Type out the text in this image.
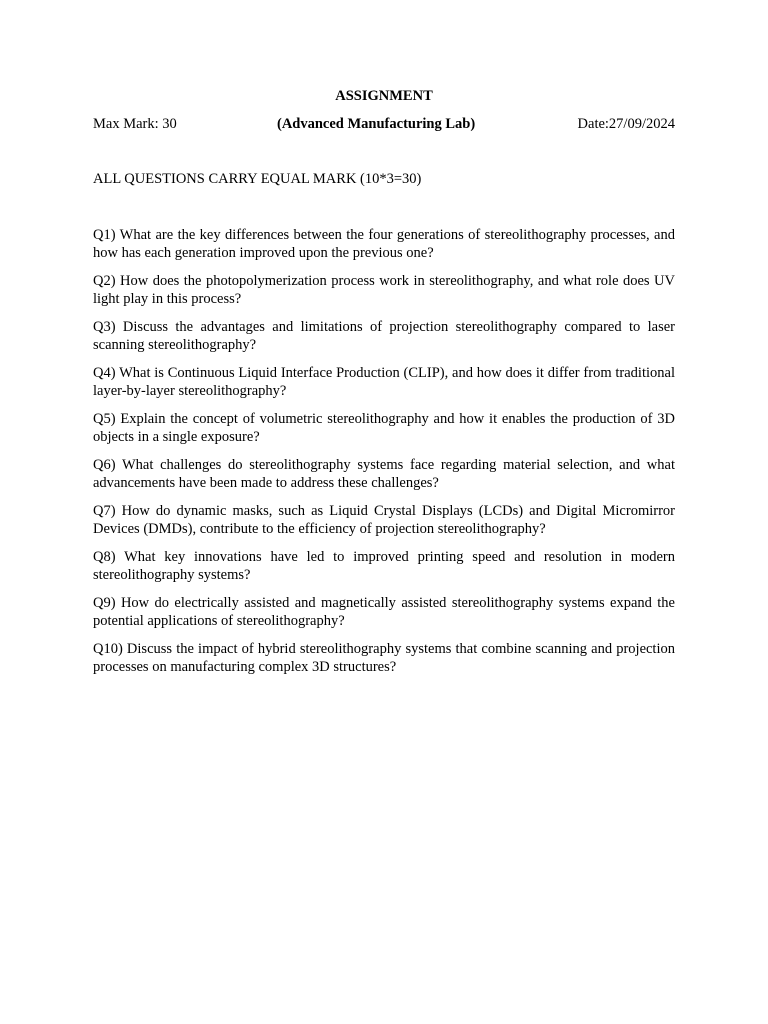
ASSIGNMENT
Max Mark: 30	(Advanced Manufacturing Lab)	Date:27/09/2024
ALL QUESTIONS CARRY EQUAL MARK (10*3=30)

Q1) What are the key differences between the four generations of stereolithography processes, and how has each generation improved upon the previous one?

Q2) How does the photopolymerization process work in stereolithography, and what role does UV light play in this process?

Q3) Discuss the advantages and limitations of projection stereolithography compared to laser scanning stereolithography?

Q4) What is Continuous Liquid Interface Production (CLIP), and how does it differ from traditional layer-by-layer stereolithography?

Q5) Explain the concept of volumetric stereolithography and how it enables the production of 3D objects in a single exposure?

Q6) What challenges do stereolithography systems face regarding material selection, and what advancements have been made to address these challenges?

Q7) How do dynamic masks, such as Liquid Crystal Displays (LCDs) and Digital Micromirror Devices (DMDs), contribute to the efficiency of projection stereolithography?

Q8) What key innovations have led to improved printing speed and resolution in modern stereolithography systems?

Q9) How do electrically assisted and magnetically assisted stereolithography systems expand the potential applications of stereolithography?

Q10) Discuss the impact of hybrid stereolithography systems that combine scanning and projection processes on manufacturing complex 3D structures?
